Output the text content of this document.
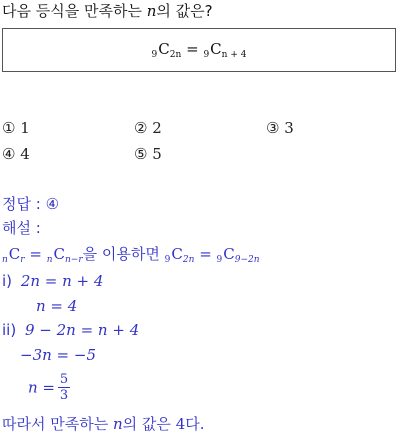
다음 등식을 만족하는 n의 값은?
$_9C_{2n} = _9C_{n + 4}$
① 1	② 2	③ 3
④ 4	⑤ 5
정답 : ④
해설 :
$_nC_r = _nC_{n-r}$을 이용하면 $_9C_{2n} = _9C_{9-2n}$
i) 2n = n + 4
n = 4
ii) 9 − 2n = n + 4
−3n = −5
$n = \frac{5}{3}$
따라서 만족하는 n의 값은 4다.
